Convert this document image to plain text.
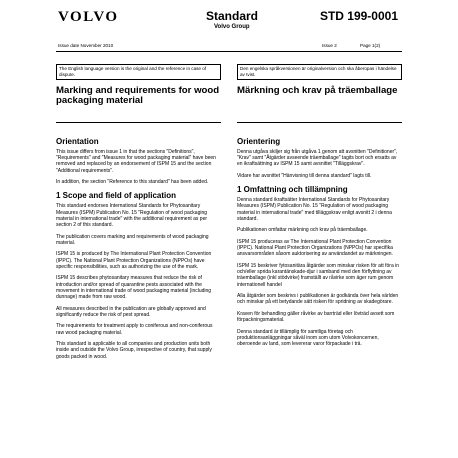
VOLVO	Standard
Volvo Group
STD 199-0001
Issue date November 2010	Issue 2	Page 1(2)
The English language version is the original and the reference in case of dispute.
Den engelska språkversionen är originalversion och ska åberopas i händelse av tvist.
Marking and requirements for wood packaging material
Orientation

This issue differs from issue 1 in that the sections "Definitions", "Requirements" and "Measures for wood packaging material" have been removed and replaced by an endorsement of ISPM 15 and the section "Additional requirements".

In addition, the section "Reference to this standard" has been added.

1 Scope and field of application

This standard endorses International Standards for Phytosanitary Measures (ISPM) Publication No. 15 "Regulation of wood packaging material in international trade" with the additional requirement as per section 2 of this standard.

The publication covers marking and requirements of wood packaging material.

ISPM 15 is produced by The International Plant Protection Convention (IPPC). The National Plant Protection Organizations (NPPOs) have specific responsibilities, such as authorizing the use of the mark.

ISPM 15 describes phytosanitary measures that reduce the risk of introduction and/or spread of quarantine pests associated with the movement in international trade of wood packaging material (including dunnage) made from raw wood.

All measures described in the publication are globally approved and significantly reduce the risk of pest spread.

The requirements for treatment apply to coniferous and non-coniferous raw wood packaging material.

This standard is applicable to all companies and production units both inside and outside the Volvo Group, irrespective of country, that supply goods packed in wood.

Märkning och krav på träemballage
Orientering

Denna utgåva skiljer sig från utgåva 1 genom att avsnitten "Definitioner", "Krav" samt "Åtgärder avseende träemballage" tagits bort och ersatts av en ikraftsättning av ISPM 15 samt avsnittet "Tilläggskrav".

Vidare har avsnittet "Hänvisning till denna standard" lagts till.

1 Omfattning och tillämpning

Denna standard ikraftsätter International Standards for Phytosanitary Measures (ISPM) Publication No. 15 "Regulation of wood packaging material in international trade" med tilläggskrav enligt avsnitt 2 i denna standard.

Publikationen omfattar märkning och krav på träemballage.

ISPM 15 produceras av The International Plant Protection Convention (IPPC). National Plant Protection Organizations (NPPOs) har specifika ansvarsområden såsom auktorisering av användandet av märkningen.

ISPM 15 beskriver fytosanitära åtgärder som minskar risken för att föra in och/eller sprida karantänskade-djur i samband med den förflyttning av träemballage (inkl stödvirke) framställt av råvirke som äger rum genom internationell handel

Alla åtgärder som beskrivs i publikationen är godkända över hela världen och minskar på ett betydande sätt risken för spridning av skadegörare.

Kraven för behandling gäller råvirke av barrträd eller lövträd avsett som förpackningsmaterial.

Denna standard är tillämplig för samtliga företag och produktionsanläggningar såväl inom som utom Volvokoncernen, oberoende av land, som levererar varor förpackade i trä.
